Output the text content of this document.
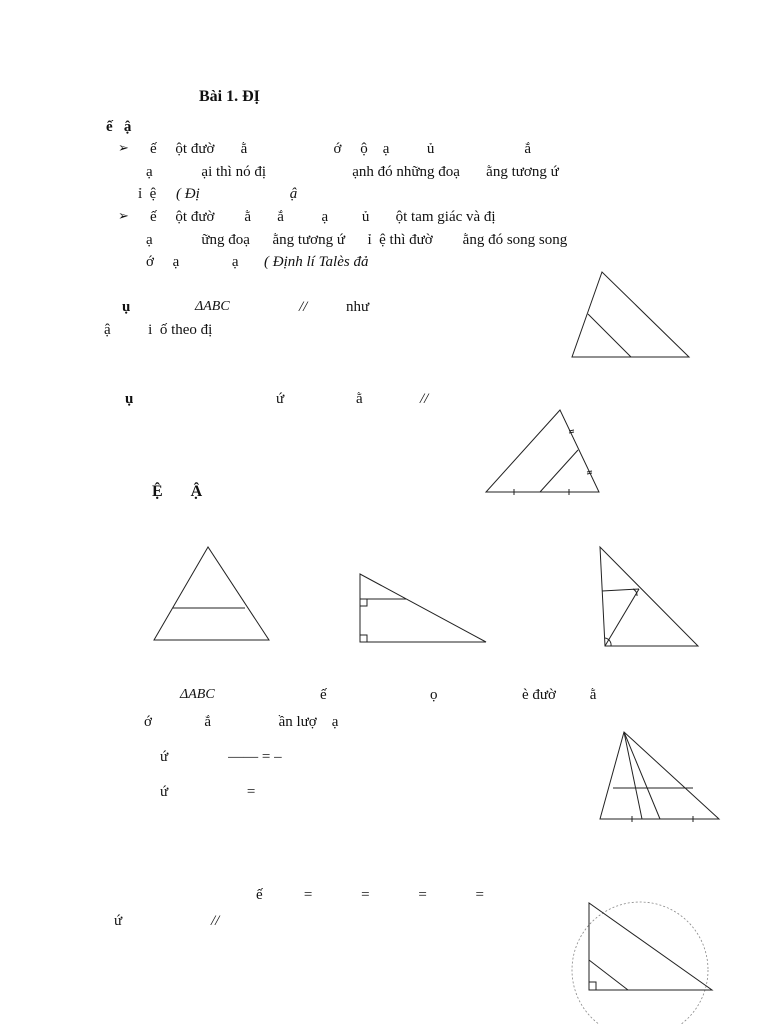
Bài 1. ĐỊ
ế   ậ
➢ ế     ột đườ       ằ                       ớ     ộ    ạ          ủ                        ắ
ạ             ại thì nó đị                       ạnh đó những đoạ       ằng tương ứ
ỉ  ệ ( Đị                        ậ
➢ ế     ột đườ        ằ       ắ          ạ         ủ       ột tam giác và đị
ạ             ững đoạ      ằng tương ứ      ỉ  ệ thì đườ        ằng đó song song
ớ     ạ              ạ ( Định lí Talès đả
ụ	ΔABC	//	như
ậ          i  ố theo đị
ụ	ứ	ằ	//
Ệ       Ậ
ΔABC	ế	ọ	è đườ         ằ
ớ              ắ                  ần lượ    ạ
ứ                —— = –
ứ                     =
ế           =             =             =             =
ứ	//
